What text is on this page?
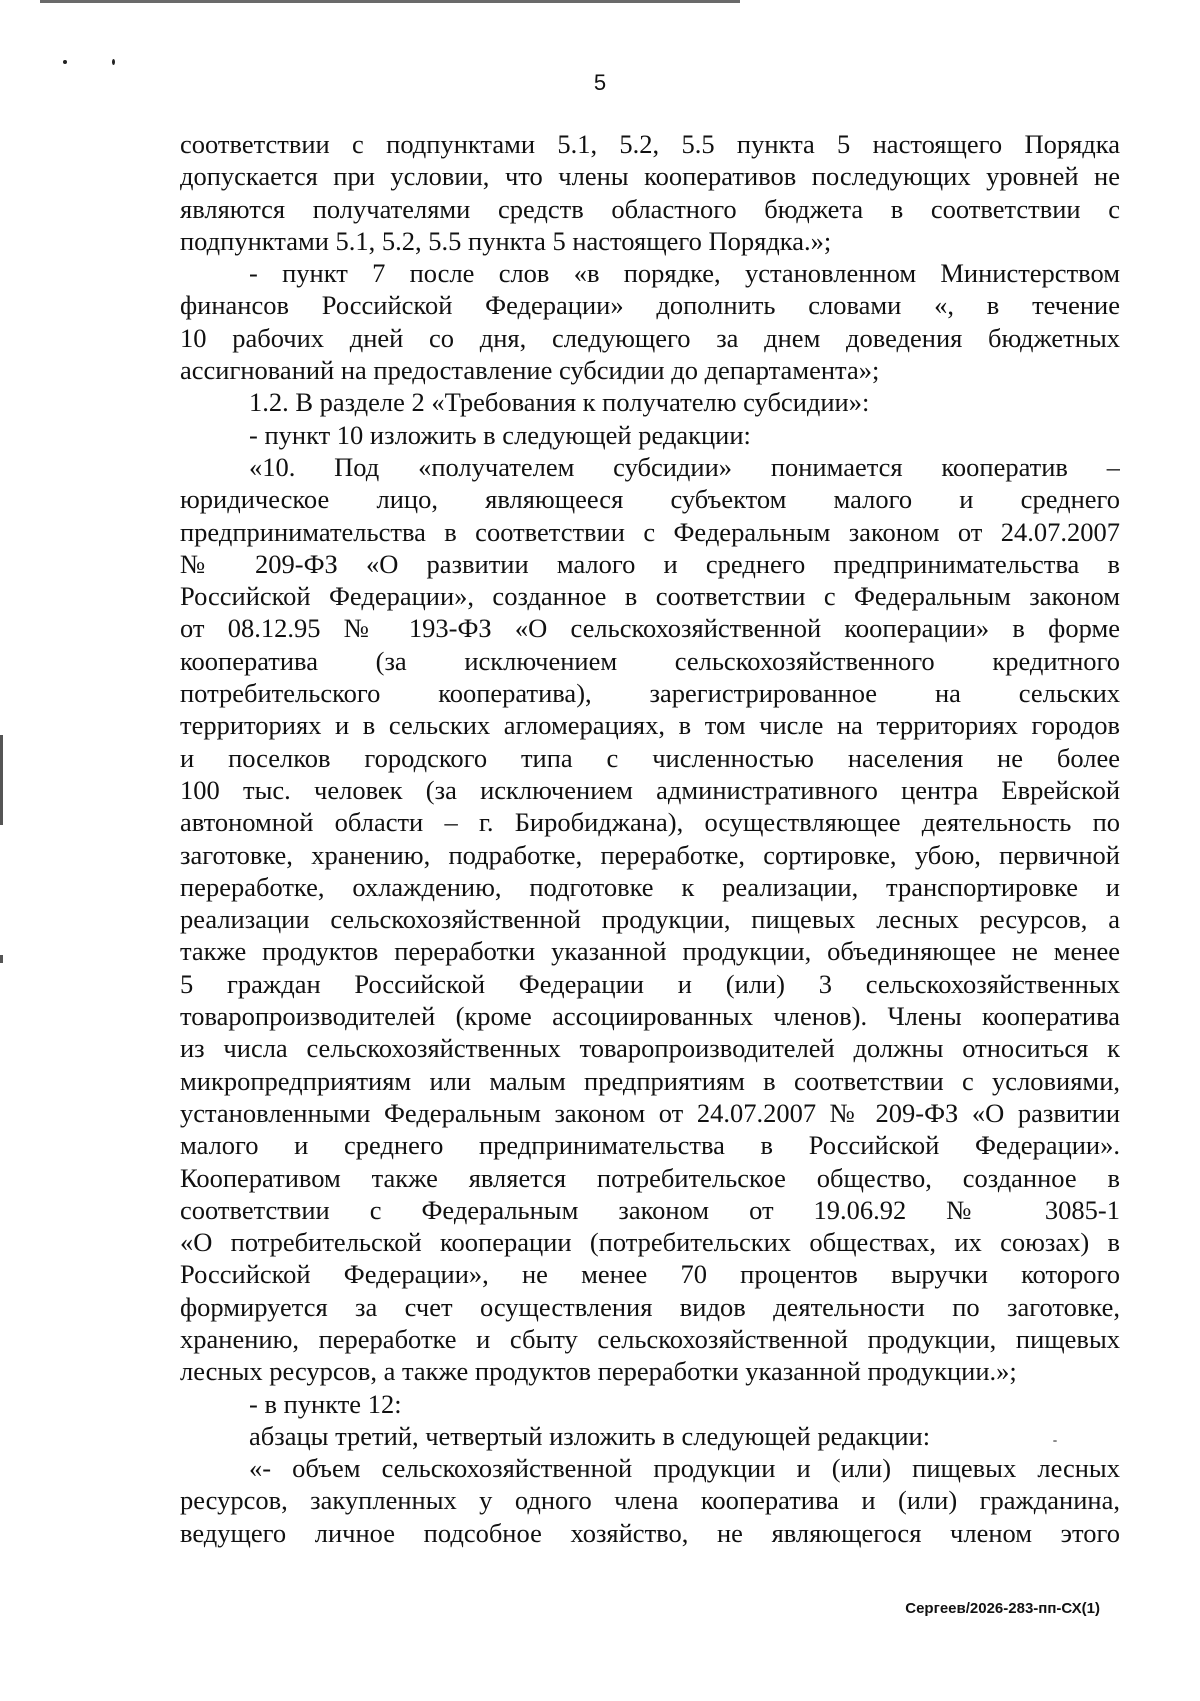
5
соответствии с подпунктами 5.1, 5.2, 5.5 пункта 5 настоящего Порядка
допускается при условии, что члены кооперативов последующих уровней не
являются получателями средств областного бюджета в соответствии с
подпунктами 5.1, 5.2, 5.5 пункта 5 настоящего Порядка.»;
- пункт 7 после слов «в порядке, установленном Министерством
финансов Российской Федерации» дополнить словами «, в течение
10 рабочих дней со дня, следующего за днем доведения бюджетных
ассигнований на предоставление субсидии до департамента»;
1.2. В разделе 2 «Требования к получателю субсидии»:
- пункт 10 изложить в следующей редакции:
«10. Под «получателем субсидии» понимается кооператив –
юридическое лицо, являющееся субъектом малого и среднего
предпринимательства в соответствии с Федеральным законом от 24.07.2007
№ 209-ФЗ «О развитии малого и среднего предпринимательства в
Российской Федерации», созданное в соответствии с Федеральным законом
от 08.12.95 № 193-ФЗ «О сельскохозяйственной кооперации» в форме
кооператива (за исключением сельскохозяйственного кредитного
потребительского кооператива), зарегистрированное на сельских
территориях и в сельских агломерациях, в том числе на территориях городов
и поселков городского типа с численностью населения не более
100 тыс. человек (за исключением административного центра Еврейской
автономной области – г. Биробиджана), осуществляющее деятельность по
заготовке, хранению, подработке, переработке, сортировке, убою, первичной
переработке, охлаждению, подготовке к реализации, транспортировке и
реализации сельскохозяйственной продукции, пищевых лесных ресурсов, а
также продуктов переработки указанной продукции, объединяющее не менее
5 граждан Российской Федерации и (или) 3 сельскохозяйственных
товаропроизводителей (кроме ассоциированных членов). Члены кооператива
из числа сельскохозяйственных товаропроизводителей должны относиться к
микропредприятиям или малым предприятиям в соответствии с условиями,
установленными Федеральным законом от 24.07.2007 № 209-ФЗ «О развитии
малого и среднего предпринимательства в Российской Федерации».
Кооперативом также является потребительское общество, созданное в
соответствии с Федеральным законом от 19.06.92 № 3085-1
«О потребительской кооперации (потребительских обществах, их союзах) в
Российской Федерации», не менее 70 процентов выручки которого
формируется за счет осуществления видов деятельности по заготовке,
хранению, переработке и сбыту сельскохозяйственной продукции, пищевых
лесных ресурсов, а также продуктов переработки указанной продукции.»;
- в пункте 12:
абзацы третий, четвертый изложить в следующей редакции:
«- объем сельскохозяйственной продукции и (или) пищевых лесных
ресурсов, закупленных у одного члена кооператива и (или) гражданина,
ведущего личное подсобное хозяйство, не являющегося членом этого
Сергеев/2026-283-пп-СХ(1)
